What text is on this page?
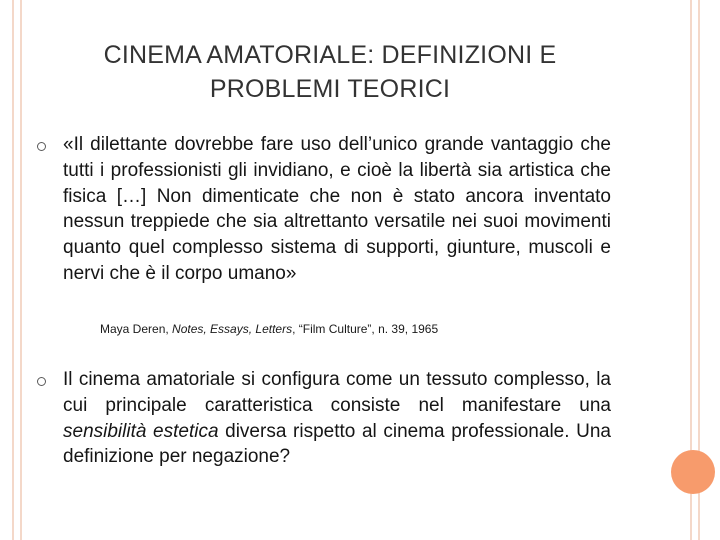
CINEMA AMATORIALE: DEFINIZIONI E
PROBLEMI TEORICI
«Il dilettante dovrebbe fare uso dell’unico grande vantaggio che tutti i professionisti gli invidiano, e cioè la libertà sia artistica che fisica […] Non dimenticate che non è stato ancora inventato nessun treppiede che sia altrettanto versatile nei suoi movimenti quanto quel complesso sistema di supporti, giunture, muscoli e nervi che è il corpo umano»
Maya Deren, Notes, Essays, Letters, “Film Culture”, n. 39, 1965
Il cinema amatoriale si configura come un tessuto complesso, la cui principale caratteristica consiste nel manifestare una sensibilità estetica diversa rispetto al cinema professionale. Una definizione per negazione?
